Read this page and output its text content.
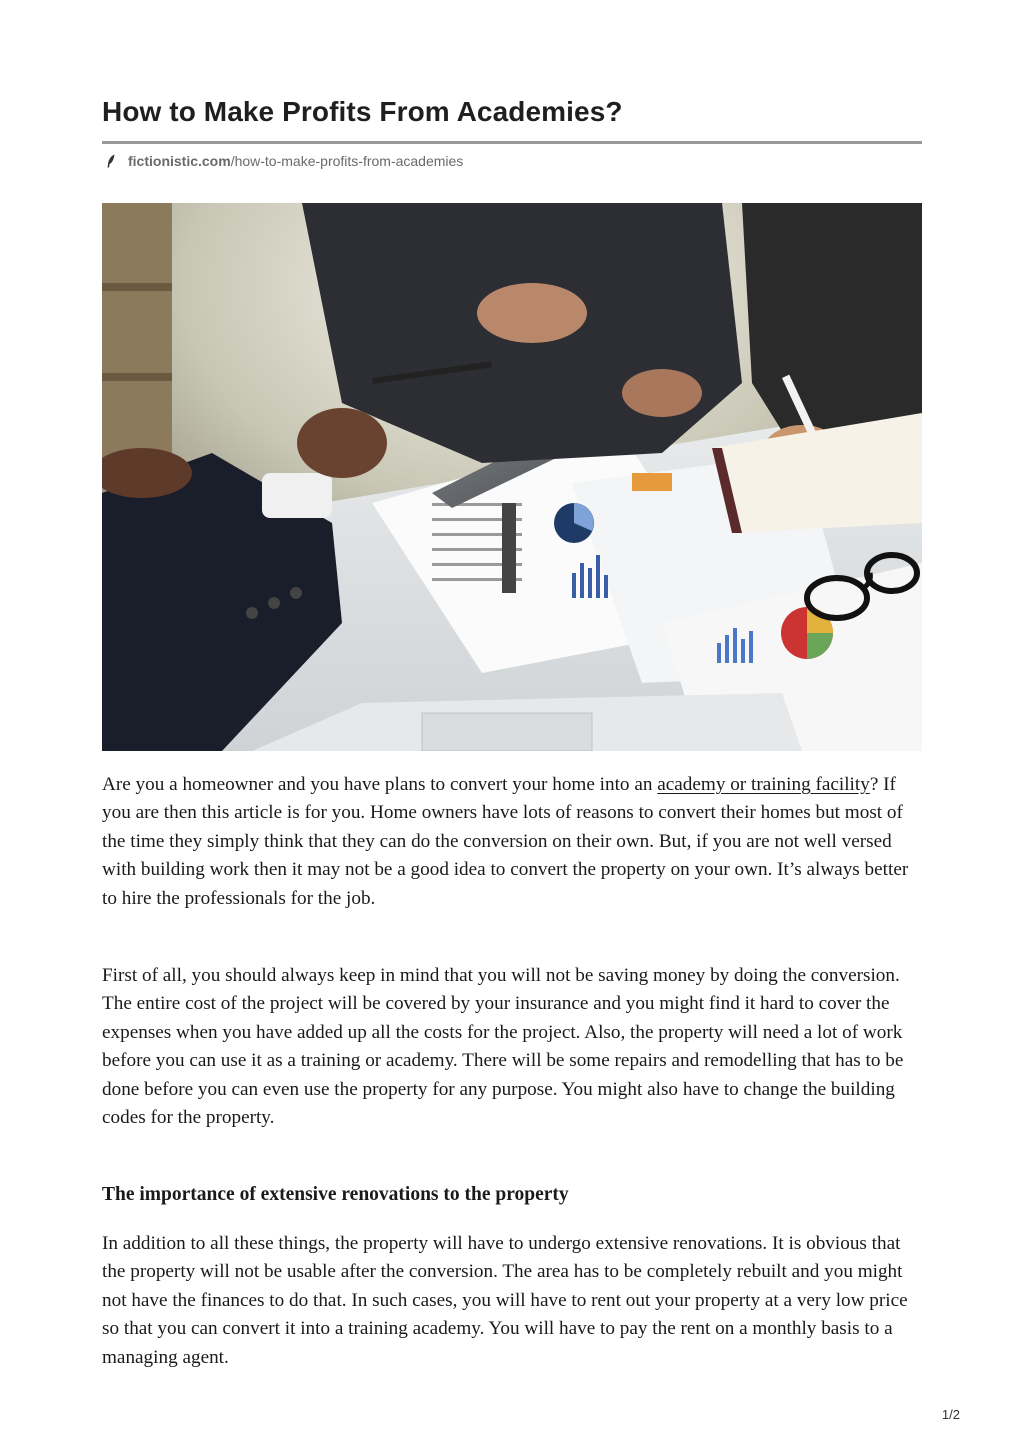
How to Make Profits From Academies?
fictionistic.com /how-to-make-profits-from-academies

Are you a homeowner and you have plans to convert your home into an academy or training facility? If you are then this article is for you. Home owners have lots of reasons to convert their homes but most of the time they simply think that they can do the conversion on their own. But, if you are not well versed with building work then it may not be a good idea to convert the property on your own. It’s always better to hire the professionals for the job.

First of all, you should always keep in mind that you will not be saving money by doing the conversion. The entire cost of the project will be covered by your insurance and you might find it hard to cover the expenses when you have added up all the costs for the project. Also, the property will need a lot of work before you can use it as a training or academy. There will be some repairs and remodelling that has to be done before you can even use the property for any purpose. You might also have to change the building codes for the property.

The importance of extensive renovations to the property

In addition to all these things, the property will have to undergo extensive renovations. It is obvious that the property will not be usable after the conversion. The area has to be completely rebuilt and you might not have the finances to do that. In such cases, you will have to rent out your property at a very low price so that you can convert it into a training academy. You will have to pay the rent on a monthly basis to a managing agent.

1/2
